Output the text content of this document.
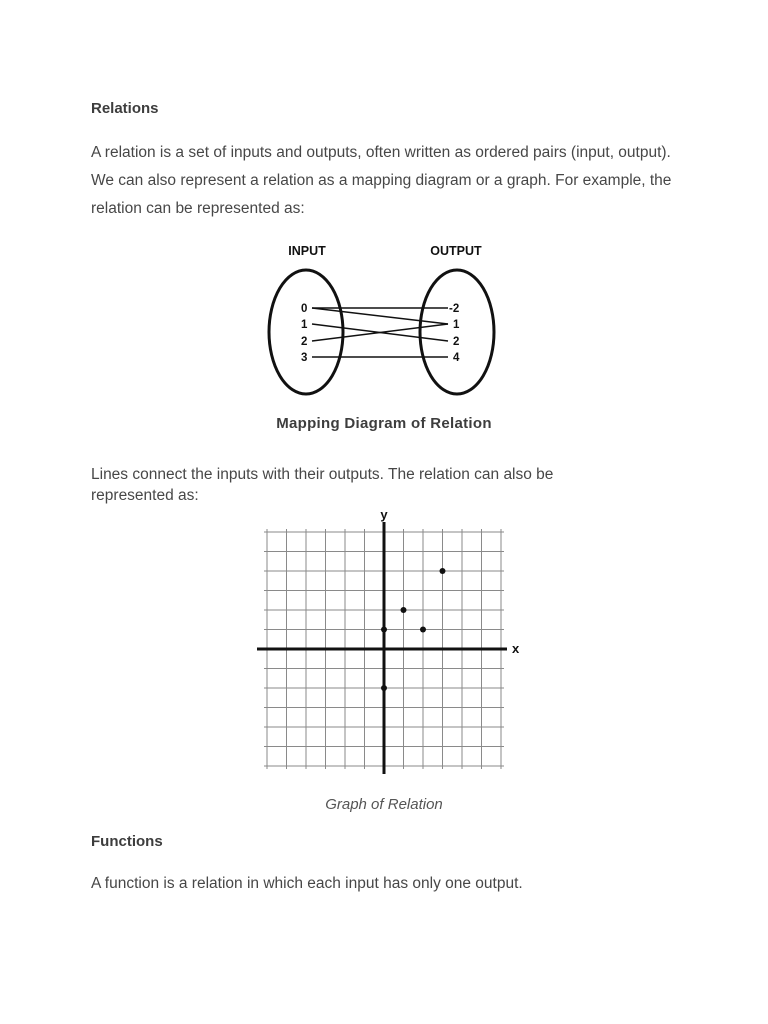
Relations
A relation is a set of inputs and outputs, often written as ordered pairs (input, output). We can also represent a relation as a mapping diagram or a graph. For example, the relation can be represented as:
INPUT	OUTPUT
0
1
2
3
-2
1
2
4
Mapping Diagram of Relation
Lines connect the inputs with their outputs. The relation can also be represented as:
y
x
Graph of Relation
Functions
A function is a relation in which each input has only one output.
